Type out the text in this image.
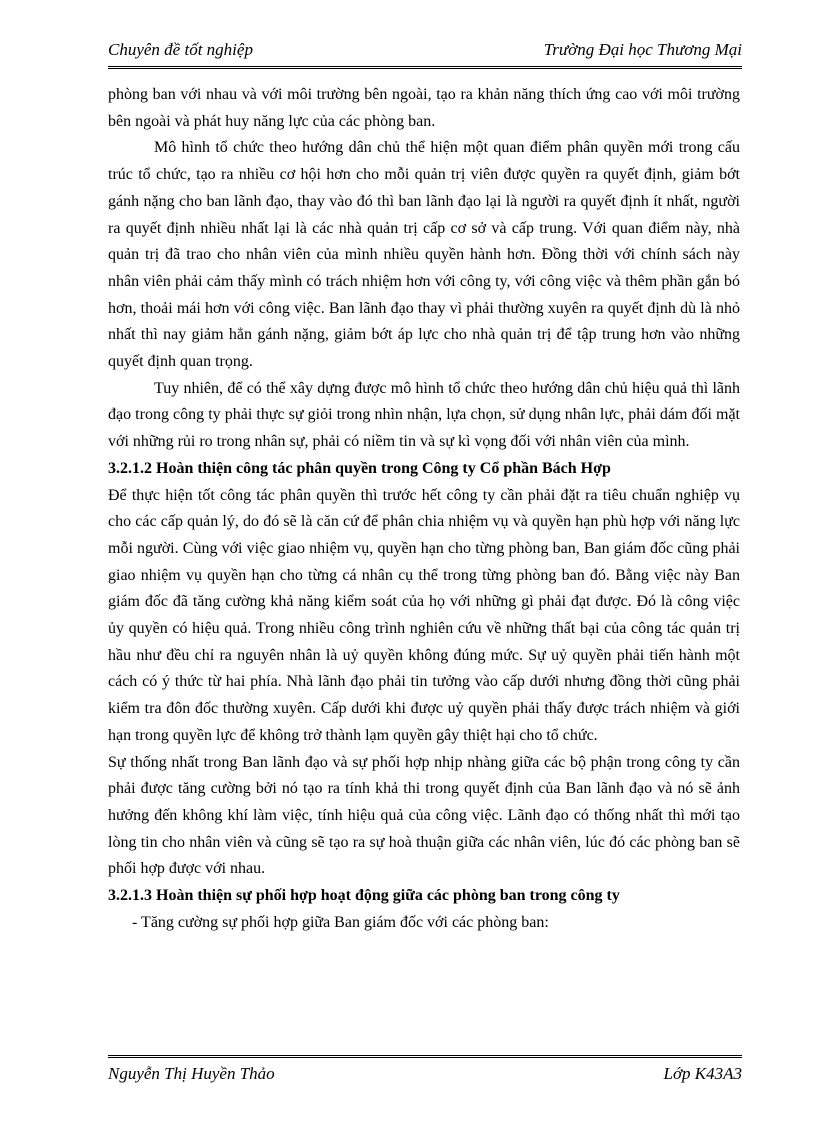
Chuyên đề tốt nghiệp	Trường Đại học Thương Mại

phòng ban với nhau và với môi trường bên ngoài, tạo ra khản năng thích ứng cao với môi trường bên ngoài và phát huy năng lực của các phòng ban.

Mô hình tổ chức theo hướng dân chủ thể hiện một quan điểm phân quyền mới trong cấu trúc tổ chức, tạo ra nhiều cơ hội hơn cho mỗi quản trị viên được quyền ra quyết định, giảm bớt gánh nặng cho ban lãnh đạo, thay vào đó thì ban lãnh đạo lại là người ra quyết định ít nhất, người ra quyết định nhiều nhất lại là các nhà quản trị cấp cơ sở và cấp trung. Với quan điểm này, nhà quản trị đã trao cho nhân viên của mình nhiều quyền hành hơn. Đồng thời với chính sách này nhân viên phải cảm thấy mình có trách nhiệm hơn với công ty, với công việc và thêm phần gắn bó hơn, thoải mái hơn với công việc. Ban lãnh đạo thay vì phải thường xuyên ra quyết định dù là nhỏ nhất thì nay giảm hẳn gánh nặng, giảm bớt áp lực cho nhà quản trị để tập trung hơn vào những quyết định quan trọng.

Tuy nhiên, để có thể xây dựng được mô hình tổ chức theo hướng dân chủ hiệu quả thì lãnh đạo trong công ty phải thực sự giỏi trong nhìn nhận, lựa chọn, sử dụng nhân lực, phải dám đối mặt với những rủi ro trong nhân sự, phải có niềm tin và sự kì vọng đối với nhân viên của mình.

3.2.1.2 Hoàn thiện công tác phân quyền trong Công ty Cổ phần Bách Hợp

Để thực hiện tốt công tác phân quyền thì trước hết công ty cần phải đặt ra tiêu chuẩn nghiệp vụ cho các cấp quản lý, do đó sẽ là căn cứ để phân chia nhiệm vụ và quyền hạn phù hợp với năng lực mỗi người. Cùng với việc giao nhiệm vụ, quyền hạn cho từng phòng ban, Ban giám đốc cũng phải giao nhiệm vụ quyền hạn cho từng cá nhân cụ thể trong từng phòng ban đó. Bằng việc này Ban giám đốc đã tăng cường khả năng kiểm soát của họ với những gì phải đạt được. Đó là công việc ủy quyền có hiệu quả. Trong nhiều công trình nghiên cứu về những thất bại của công tác quản trị hầu như đều chỉ ra nguyên nhân là uỷ quyền không đúng mức. Sự uỷ quyền phải tiến hành một cách có ý thức từ hai phía. Nhà lãnh đạo phải tin tưởng vào cấp dưới nhưng đồng thời cũng phải kiểm tra đôn đốc thường xuyên. Cấp dưới khi được uỷ quyền phải thấy được trách nhiệm và giới hạn trong quyền lực để không trở thành lạm quyền gây thiệt hại cho tổ chức.

Sự thống nhất trong Ban lãnh đạo và sự phối hợp nhịp nhàng giữa các bộ phận trong công ty cần phải được tăng cường bởi nó tạo ra tính khả thi trong quyết định của Ban lãnh đạo và nó sẽ ảnh hưởng đến không khí làm việc, tính hiệu quả của công việc. Lãnh đạo có thống nhất thì mới tạo lòng tin cho nhân viên và cũng sẽ tạo ra sự hoà thuận giữa các nhân viên, lúc đó các phòng ban sẽ phối hợp được với nhau.

3.2.1.3 Hoàn thiện sự phối hợp hoạt động giữa các phòng ban trong công ty

- Tăng cường sự phối hợp giữa Ban giám đốc với các phòng ban:

Nguyễn Thị Huyền Thảo	Lớp K43A3
